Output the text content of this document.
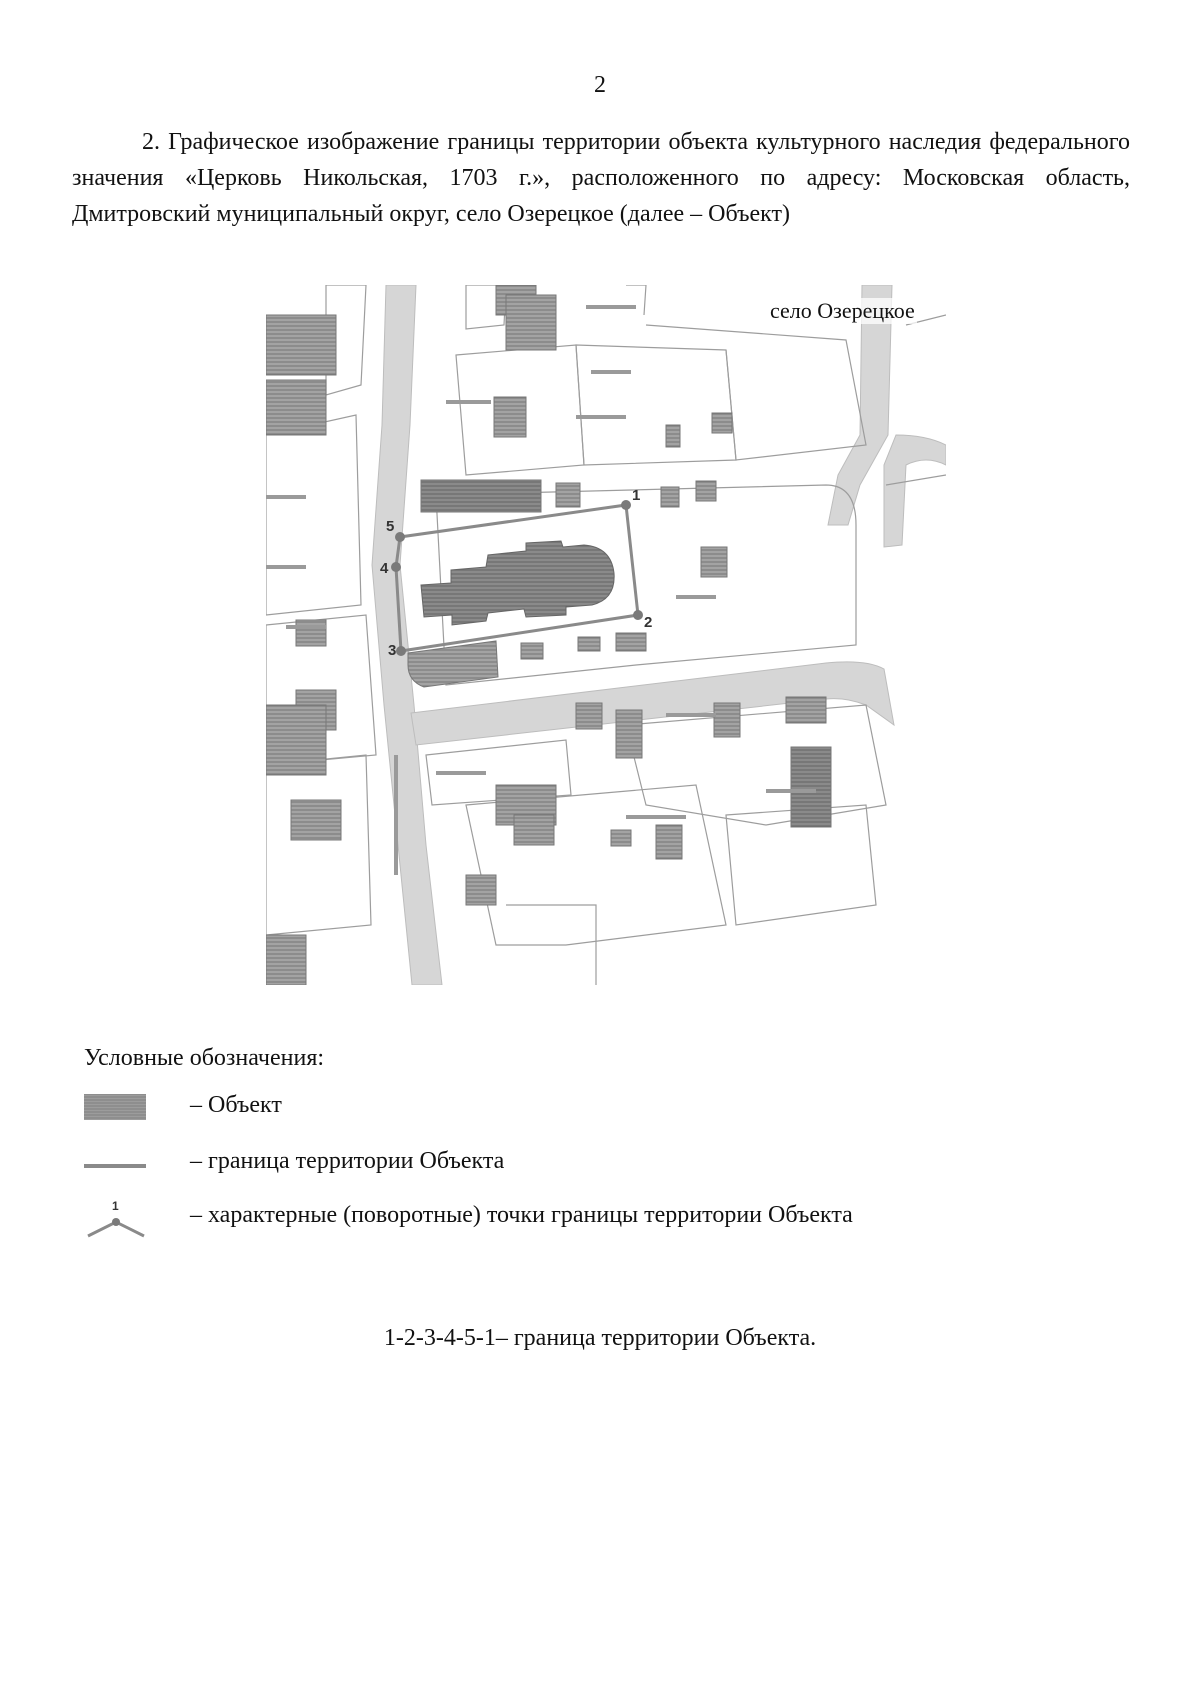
2

2. Графическое изображение границы территории объекта культурного наследия федерального значения «Церковь Никольская, 1703 г.», расположенного по адресу: Московская область, Дмитровский муниципальный округ, село Озерецкое (далее – Объект)

1
2
3
4
5
село Озерецкое
Условные обозначения:
– Объект
– граница территории Объекта
1	– характерные (поворотные) точки границы территории Объекта
1-2-3-4-5-1– граница территории Объекта.
